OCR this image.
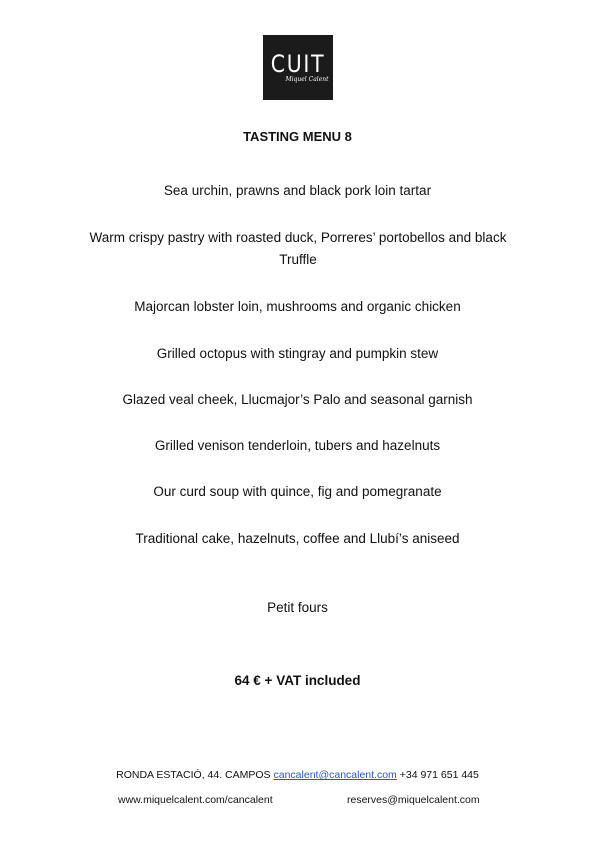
CUIT
Miquel Calent
TASTING MENU 8
Sea urchin, prawns and black pork loin tartar
Warm crispy pastry with roasted duck, Porreres’ portobellos and black Truffle
Majorcan lobster loin, mushrooms and organic chicken
Grilled octopus with stingray and pumpkin stew
Glazed veal cheek, Llucmajor’s Palo and seasonal garnish
Grilled venison tenderloin, tubers and hazelnuts
Our curd soup with quince, fig and pomegranate
Traditional cake, hazelnuts, coffee and Llubí’s aniseed
Petit fours
64 € + VAT included
RONDA ESTACIÓ, 44. CAMPOS cancalent@cancalent.com +34 971 651 445
www.miquelcalent.com/cancalent	reserves@miquelcalent.com
